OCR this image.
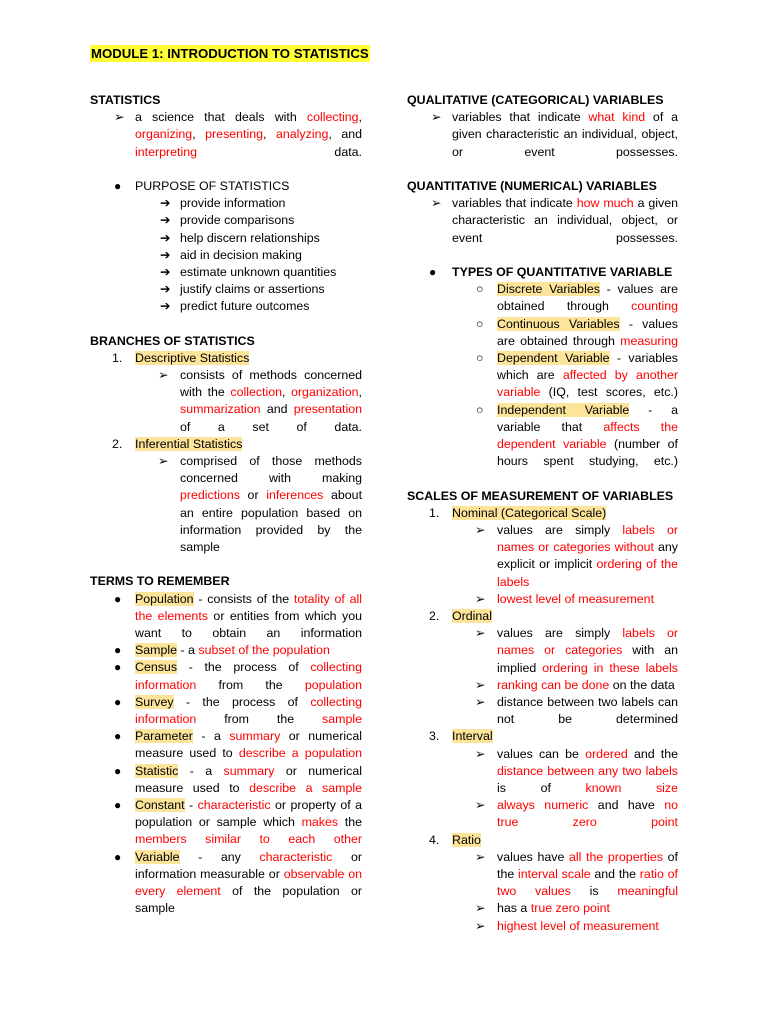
MODULE 1: INTRODUCTION TO STATISTICS
STATISTICS
➢ a science that deals with collecting, organizing, presenting, analyzing, and interpreting data.
● PURPOSE OF STATISTICS
➔ provide information
➔ provide comparisons
➔ help discern relationships
➔ aid in decision making
➔ estimate unknown quantities
➔ justify claims or assertions
➔ predict future outcomes
BRANCHES OF STATISTICS
1. Descriptive Statistics
➢ consists of methods concerned with the collection, organization, summarization and presentation of a set of data.
2. Inferential Statistics
➢ comprised of those methods concerned with making predictions or inferences about an entire population based on information provided by the sample
TERMS TO REMEMBER
● Population - consists of the totality of all the elements or entities from which you want to obtain an information
● Sample - a subset of the population
● Census - the process of collecting information from the population
● Survey - the process of collecting information from the sample
● Parameter - a summary or numerical measure used to describe a population
● Statistic - a summary or numerical measure used to describe a sample
● Constant - characteristic or property of a population or sample which makes the members similar to each other
● Variable - any characteristic or information measurable or observable on every element of the population or sample
QUALITATIVE (CATEGORICAL) VARIABLES
➢ variables that indicate what kind of a given characteristic an individual, object, or event possesses.
QUANTITATIVE (NUMERICAL) VARIABLES
➢ variables that indicate how much a given characteristic an individual, object, or event possesses.
● TYPES OF QUANTITATIVE VARIABLE
○ Discrete Variables - values are obtained through counting
○ Continuous Variables - values are obtained through measuring
○ Dependent Variable - variables which are affected by another variable (IQ, test scores, etc.)
○ Independent Variable - a variable that affects the dependent variable (number of hours spent studying, etc.)
SCALES OF MEASUREMENT OF VARIABLES
1. Nominal (Categorical Scale)
➢ values are simply labels or names or categories without any explicit or implicit ordering of the labels
➢ lowest level of measurement
2. Ordinal
➢ values are simply labels or names or categories with an implied ordering in these labels
➢ ranking can be done on the data
➢ distance between two labels can not be determined
3. Interval
➢ values can be ordered and the distance between any two labels is of known size
➢ always numeric and have no true zero point
4. Ratio
➢ values have all the properties of the interval scale and the ratio of two values is meaningful
➢ has a true zero point
➢ highest level of measurement
